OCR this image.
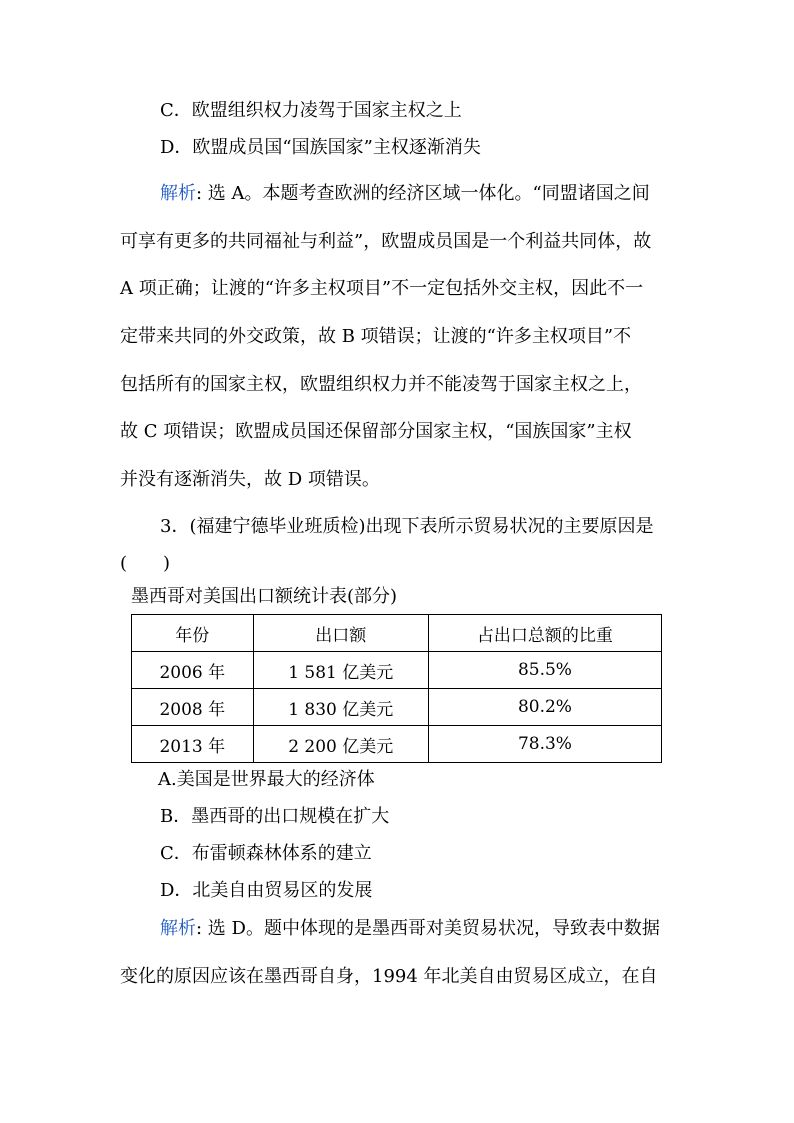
C．欧盟组织权力凌驾于国家主权之上
D．欧盟成员国“国族国家”主权逐渐消失
解析: 选 A。本题考查欧洲的经济区域一体化。“同盟诸国之间
可享有更多的共同福祉与利益”，欧盟成员国是一个利益共同体，故
A 项正确；让渡的“许多主权项目”不一定包括外交主权，因此不一
定带来共同的外交政策，故 B 项错误；让渡的“许多主权项目”不
包括所有的国家主权，欧盟组织权力并不能凌驾于国家主权之上，
故 C 项错误；欧盟成员国还保留部分国家主权，“国族国家”主权
并没有逐渐消失，故 D 项错误。
3．(福建宁德毕业班质检)出现下表所示贸易状况的主要原因是
(　　)
墨西哥对美国出口额统计表(部分)
年份	出口额	占出口总额的比重
2006 年	1 581 亿美元	85.5%
2008 年	1 830 亿美元	80.2%
2013 年	2 200 亿美元	78.3%
A.美国是世界最大的经济体
B．墨西哥的出口规模在扩大
C．布雷顿森林体系的建立
D．北美自由贸易区的发展
解析: 选 D。题中体现的是墨西哥对美贸易状况，导致表中数据
变化的原因应该在墨西哥自身，1994 年北美自由贸易区成立，在自
